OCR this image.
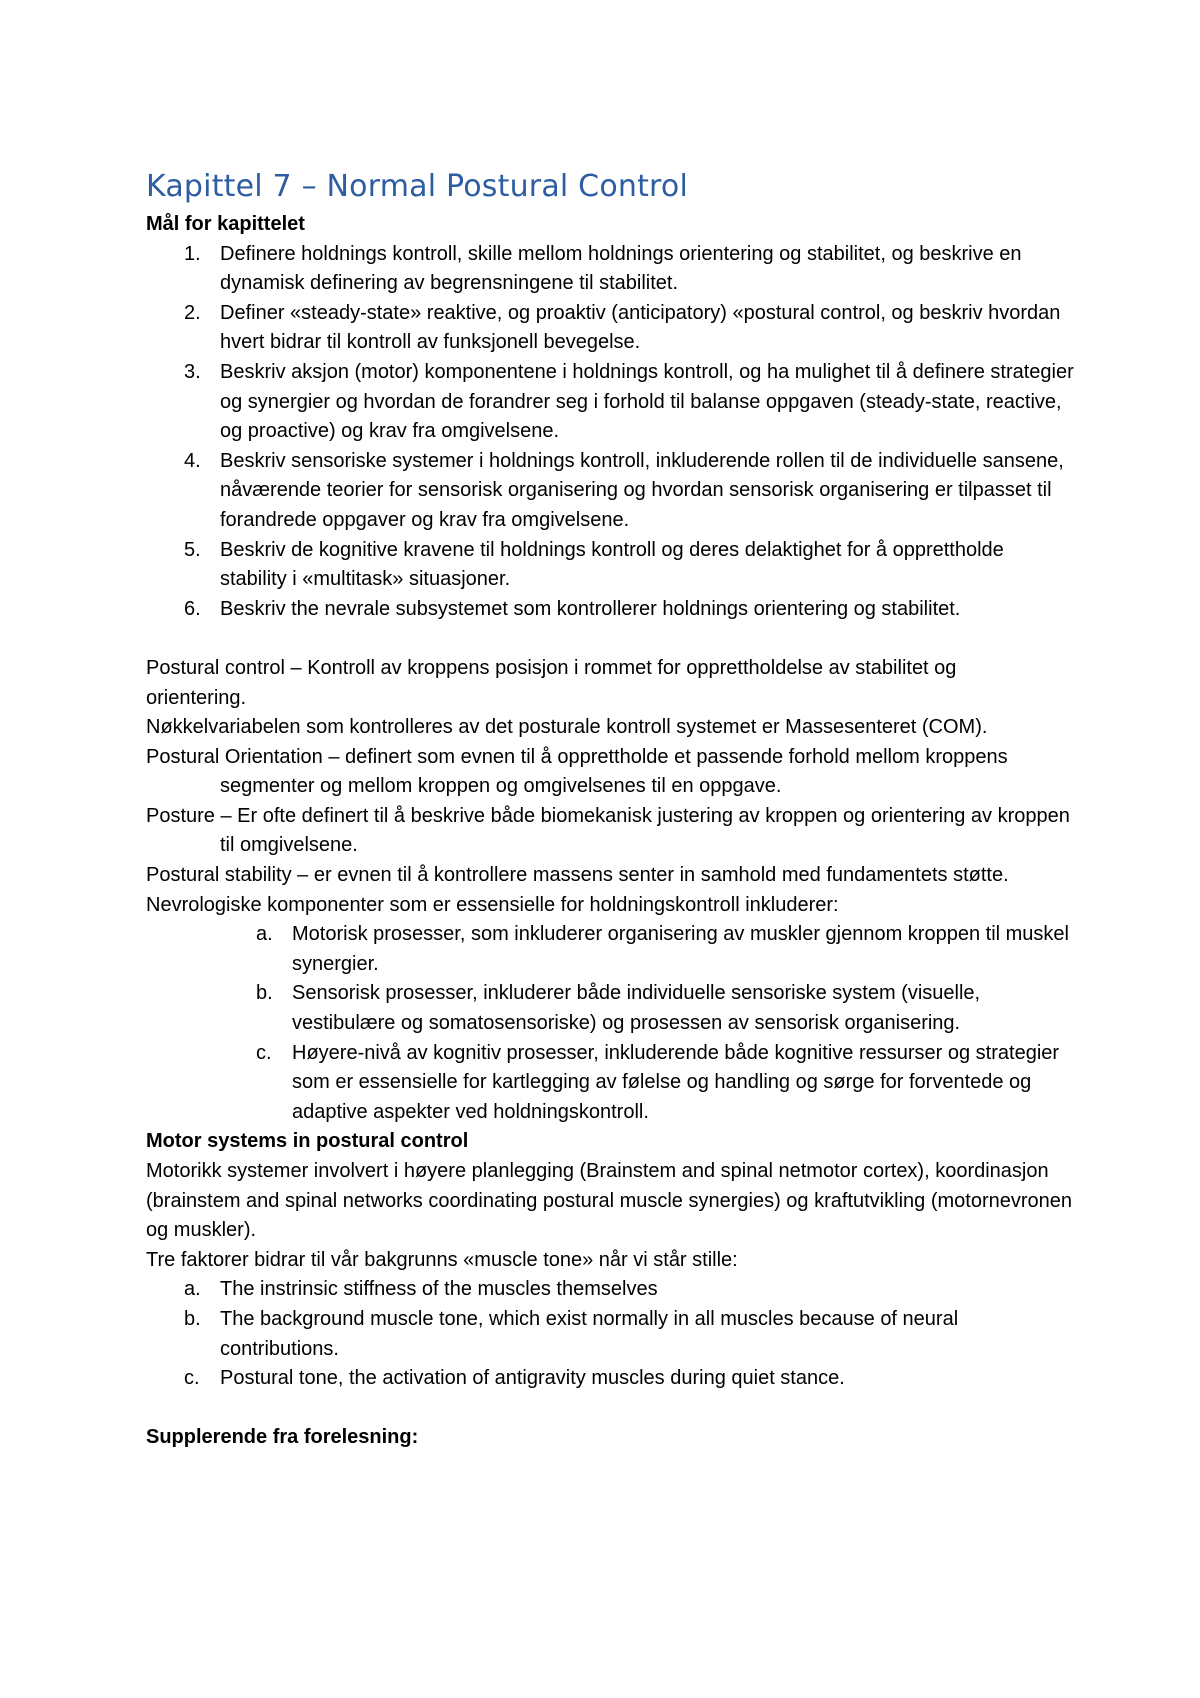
Kapittel 7 – Normal Postural Control

Mål for kapittelet

1. Definere holdnings kontroll, skille mellom holdnings orientering og stabilitet, og beskrive en dynamisk definering av begrensningene til stabilitet.
2. Definer «steady-state» reaktive, og proaktiv (anticipatory) «postural control, og beskriv hvordan hvert bidrar til kontroll av funksjonell bevegelse.
3. Beskriv aksjon (motor) komponentene i holdnings kontroll, og ha mulighet til å definere strategier og synergier og hvordan de forandrer seg i forhold til balanse oppgaven (steady-state, reactive, og proactive) og krav fra omgivelsene.
4. Beskriv sensoriske systemer i holdnings kontroll, inkluderende rollen til de individuelle sansene, nåværende teorier for sensorisk organisering og hvordan sensorisk organisering er tilpasset til forandrede oppgaver og krav fra omgivelsene.
5. Beskriv de kognitive kravene til holdnings kontroll og deres delaktighet for å opprettholde stability i «multitask» situasjoner.
6. Beskriv the nevrale subsystemet som kontrollerer holdnings orientering og stabilitet.

Postural control – Kontroll av kroppens posisjon i rommet for opprettholdelse av stabilitet og orientering.

Nøkkelvariabelen som kontrolleres av det posturale kontroll systemet er Massesenteret (COM).

Postural Orientation – definert som evnen til å opprettholde et passende forhold mellom kroppens segmenter og mellom kroppen og omgivelsenes til en oppgave.

Posture – Er ofte definert til å beskrive både biomekanisk justering av kroppen og orientering av kroppen til omgivelsene.

Postural stability – er evnen til å kontrollere massens senter in samhold med fundamentets støtte.

Nevrologiske komponenter som er essensielle for holdningskontroll inkluderer:

a. Motorisk prosesser, som inkluderer organisering av muskler gjennom kroppen til muskel synergier.
b. Sensorisk prosesser, inkluderer både individuelle sensoriske system (visuelle, vestibulære og somatosensoriske) og prosessen av sensorisk organisering.
c.	Høyere-nivå av kognitiv prosesser, inkluderende både kognitive ressurser og strategier som er essensielle for kartlegging av følelse og handling og sørge for forventede og adaptive aspekter ved holdningskontroll.

Motor systems in postural control

Motorikk systemer involvert i høyere planlegging (Brainstem and spinal netmotor cortex), koordinasjon (brainstem and spinal networks coordinating postural muscle synergies) og kraftutvikling (motornevronen og muskler).

Tre faktorer bidrar til vår bakgrunns «muscle tone» når vi står stille:

a. The instrinsic stiffness of the muscles themselves
b. The background muscle tone, which exist normally in all muscles because of neural contributions.
c.	Postural tone, the activation of antigravity muscles during quiet stance.

Supplerende fra forelesning:
